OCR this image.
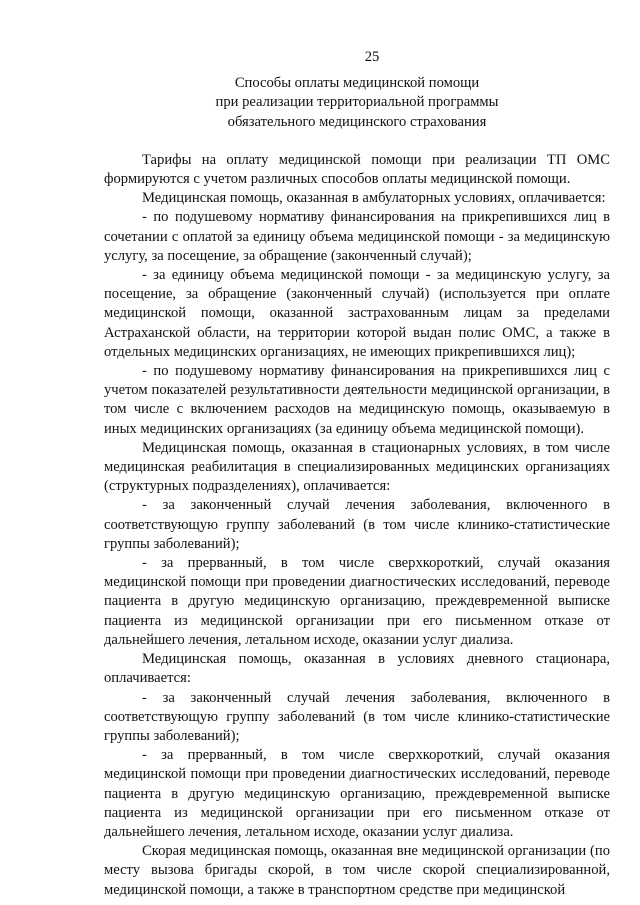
25
Способы оплаты медицинской помощи
при реализации территориальной программы
обязательного медицинского страхования

Тарифы на оплату медицинской помощи при реализации ТП ОМС формируются с учетом различных способов оплаты медицинской помощи.

Медицинская помощь, оказанная в амбулаторных условиях, оплачивается:

- по подушевому нормативу финансирования на прикрепившихся лиц в сочетании с оплатой за единицу объема медицинской помощи - за медицинскую услугу, за посещение, за обращение (законченный случай);

- за единицу объема медицинской помощи - за медицинскую услугу, за посещение, за обращение (законченный случай) (используется при оплате медицинской помощи, оказанной застрахованным лицам за пределами Астраханской области, на территории которой выдан полис ОМС, а также в отдельных медицинских организациях, не имеющих прикрепившихся лиц);

- по подушевому нормативу финансирования на прикрепившихся лиц с учетом показателей результативности деятельности медицинской организации, в том числе с включением расходов на медицинскую помощь, оказываемую в иных медицинских организациях (за единицу объема медицинской помощи).

Медицинская помощь, оказанная в стационарных условиях, в том числе медицинская реабилитация в специализированных медицинских организациях (структурных подразделениях), оплачивается:

- за законченный случай лечения заболевания, включенного в соответствующую группу заболеваний (в том числе клинико-статистические группы заболеваний);

- за прерванный, в том числе сверхкороткий, случай оказания медицинской помощи при проведении диагностических исследований, переводе пациента в другую медицинскую организацию, преждевременной выписке пациента из медицинской организации при его письменном отказе от дальнейшего лечения, летальном исходе, оказании услуг диализа.

Медицинская помощь, оказанная в условиях дневного стационара, оплачивается:

- за законченный случай лечения заболевания, включенного в соответствующую группу заболеваний (в том числе клинико-статистические группы заболеваний);

- за прерванный, в том числе сверхкороткий, случай оказания медицинской помощи при проведении диагностических исследований, переводе пациента в другую медицинскую организацию, преждевременной выписке пациента из медицинской организации при его письменном отказе от дальнейшего лечения, летальном исходе, оказании услуг диализа.

Скорая медицинская помощь, оказанная вне медицинской организации (по месту вызова бригады скорой, в том числе скорой специализированной, медицинской помощи, а также в транспортном средстве при медицинской
